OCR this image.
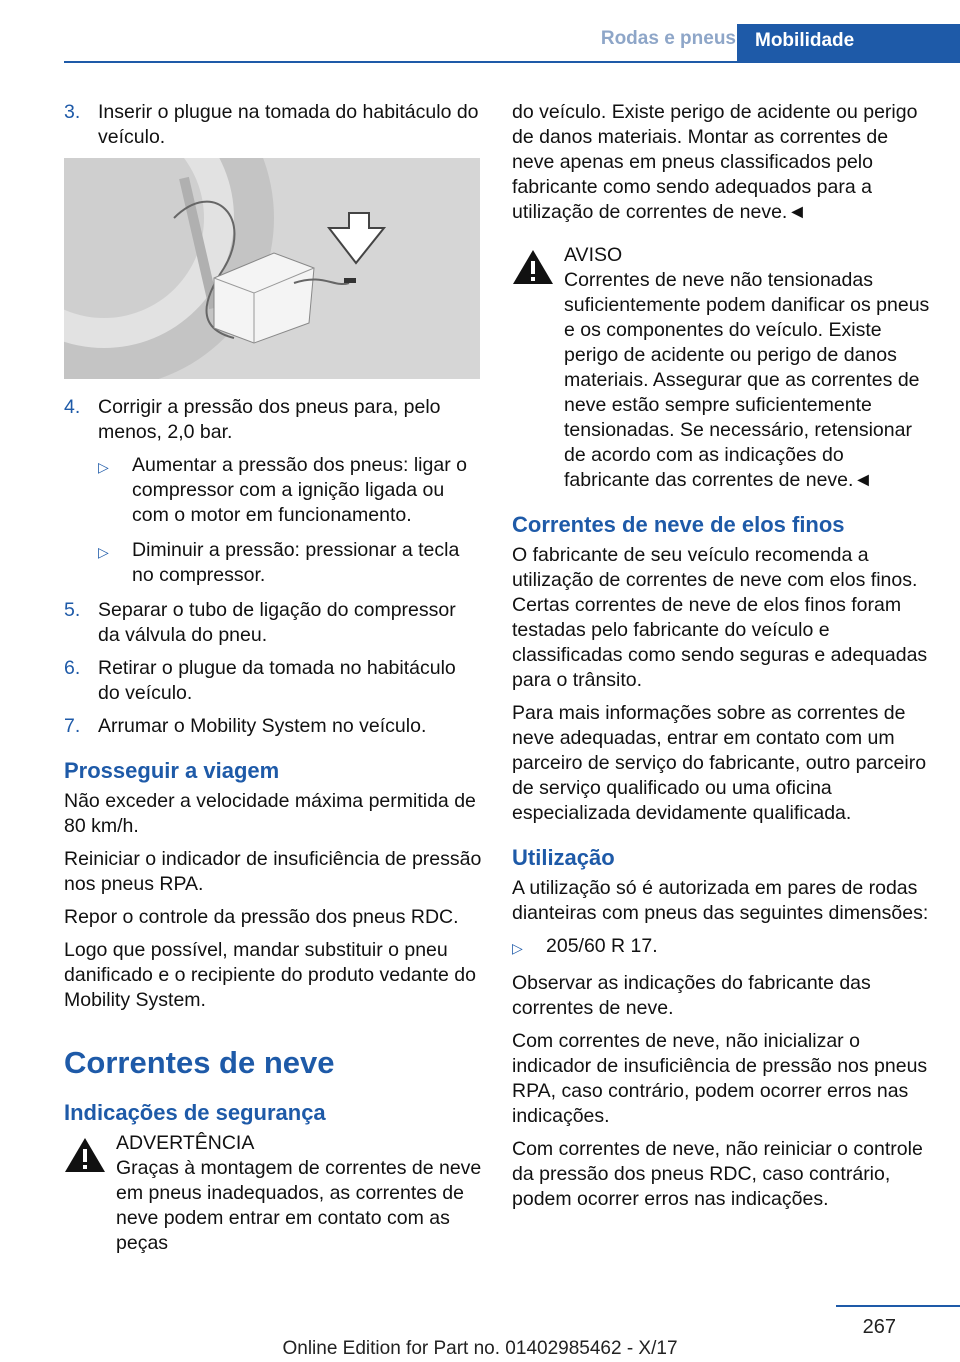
Rodas e pneus	Mobilidade
3. Inserir o plugue na tomada do habitáculo do veículo.
4. Corrigir a pressão dos pneus para, pelo menos, 2,0 bar.
▷	Aumentar a pressão dos pneus: ligar o compressor com a ignição ligada ou com o motor em funcionamento.
▷	Diminuir a pressão: pressionar a tecla no compressor.
5. Separar o tubo de ligação do compressor da válvula do pneu.
6. Retirar o plugue da tomada no habitáculo do veículo.
7. Arrumar o Mobility System no veículo.
Prosseguir a viagem

Não exceder a velocidade máxima permitida de 80 km/h.

Reiniciar o indicador de insuficiência de pressão nos pneus RPA.

Repor o controle da pressão dos pneus RDC.

Logo que possível, mandar substituir o pneu danificado e o recipiente do produto vedante do Mobility System.

Correntes de neve
Indicações de segurança
ADVERTÊNCIA
Graças à montagem de correntes de neve em pneus inadequados, as correntes de neve podem entrar em contato com as peças

do veículo. Existe perigo de acidente ou perigo de danos materiais. Montar as correntes de neve apenas em pneus classificados pelo fabricante como sendo adequados para a utilização de correntes de neve.◄

AVISO
Correntes de neve não tensionadas suficientemente podem danificar os pneus e os componentes do veículo. Existe perigo de acidente ou perigo de danos materiais. Assegurar que as correntes de neve estão sempre suficientemente tensionadas. Se necessário, retensionar de acordo com as indicações do fabricante das correntes de neve.◄
Correntes de neve de elos finos

O fabricante de seu veículo recomenda a utilização de correntes de neve com elos finos. Certas correntes de neve de elos finos foram testadas pelo fabricante do veículo e classificadas como sendo seguras e adequadas para o trânsito.

Para mais informações sobre as correntes de neve adequadas, entrar em contato com um parceiro de serviço do fabricante, outro parceiro de serviço qualificado ou uma oficina especializada devidamente qualificada.

Utilização

A utilização só é autorizada em pares de rodas dianteiras com pneus das seguintes dimensões:

▷	205/60 R 17.

Observar as indicações do fabricante das correntes de neve.

Com correntes de neve, não inicializar o indicador de insuficiência de pressão nos pneus RPA, caso contrário, podem ocorrer erros nas indicações.

Com correntes de neve, não reiniciar o controle da pressão dos pneus RDC, caso contrário, podem ocorrer erros nas indicações.

267
Online Edition for Part no. 01402985462 - X/17
